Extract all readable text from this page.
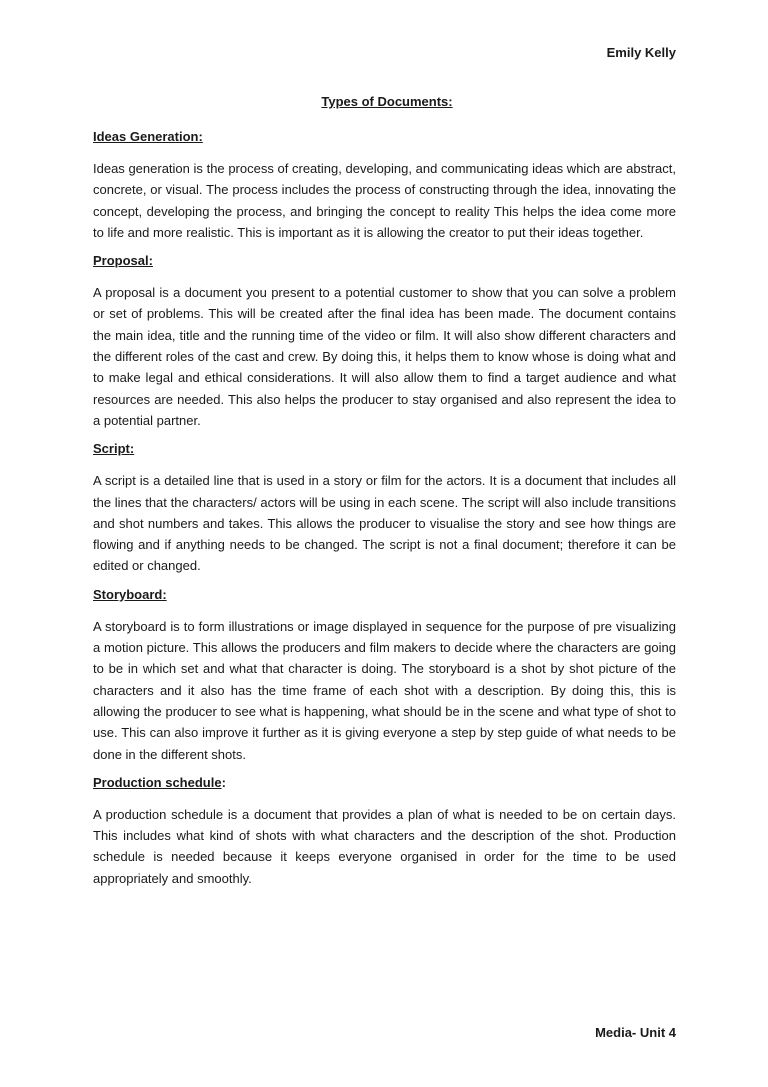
Emily Kelly
Types of Documents:

Ideas Generation:

Ideas generation is the process of creating, developing, and communicating ideas which are abstract, concrete, or visual. The process includes the process of constructing through the idea, innovating the concept, developing the process, and bringing the concept to reality This helps the idea come more to life and more realistic. This is important as it is allowing the creator to put their ideas together.

Proposal:

A proposal is a document you present to a potential customer to show that you can solve a problem or set of problems. This will be created after the final idea has been made. The document contains the main idea, title and the running time of the video or film. It will also show different characters and the different roles of the cast and crew. By doing this, it helps them to know whose is doing what and to make legal and ethical considerations. It will also allow them to find a target audience and what resources are needed. This also helps the producer to stay organised and also represent the idea to a potential partner.

Script:

A script is a detailed line that is used in a story or film for the actors. It is a document that includes all the lines that the characters/ actors will be using in each scene. The script will also include transitions and shot numbers and takes. This allows the producer to visualise the story and see how things are flowing and if anything needs to be changed. The script is not a final document; therefore it can be edited or changed.

Storyboard:

A storyboard is to form illustrations or image displayed in sequence for the purpose of pre visualizing a motion picture. This allows the producers and film makers to decide where the characters are going to be in which set and what that character is doing. The storyboard is a shot by shot picture of the characters and it also has the time frame of each shot with a description. By doing this, this is allowing the producer to see what is happening, what should be in the scene and what type of shot to use. This can also improve it further as it is giving everyone a step by step guide of what needs to be done in the different shots.

Production schedule:

A production schedule is a document that provides a plan of what is needed to be on certain days. This includes what kind of shots with what characters and the description of the shot. Production schedule is needed because it keeps everyone organised in order for the time to be used appropriately and smoothly.

Media- Unit 4
